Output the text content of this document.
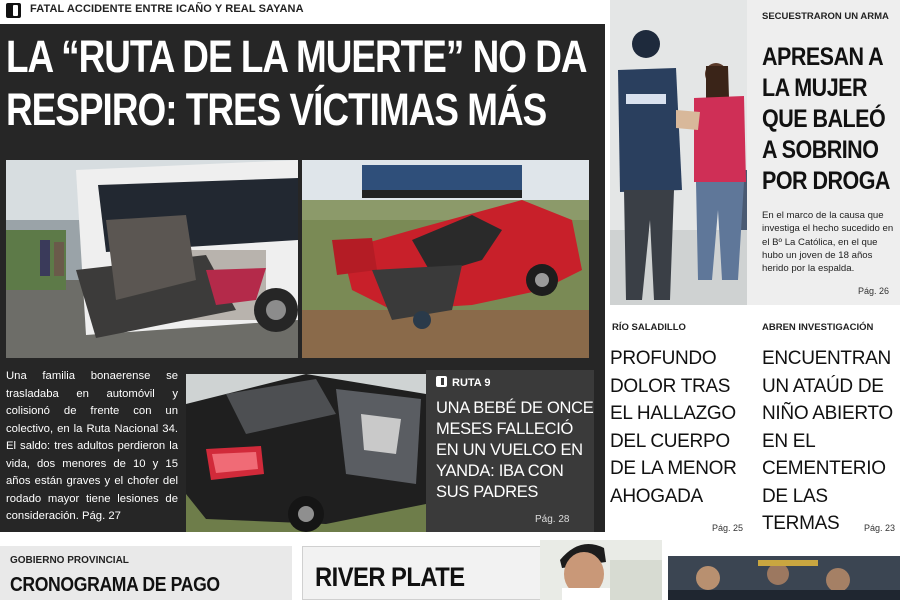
FATAL ACCIDENTE ENTRE ICAÑO Y REAL SAYANA
LA “RUTA DE LA MUERTE” NO DA RESPIRO: TRES VÍCTIMAS MÁS

Una familia bonaerense se trasladaba en automóvil y colisionó de frente con un colectivo, en la Ruta Nacional 34. El saldo: tres adultos perdieron la vida, dos menores de 10 y 15 años están graves y el chofer del rodado mayor tiene lesiones de consideración. Pág. 27

RUTA 9
UNA BEBÉ DE ONCE MESES FALLECIÓ EN UN VUELCO EN YANDA: IBA CON SUS PADRES
Pág. 28
SECUESTRARON UN ARMA
APRESAN A LA MUJER QUE BALEÓ A SOBRINO POR DROGA

En el marco de la causa que investiga el hecho sucedido en el Bº La Católica, en el que hubo un joven de 18 años herido por la espalda.

Pág. 26
RÍO SALADILLO
PROFUNDO DOLOR TRAS EL HALLAZGO DEL CUERPO DE LA MENOR AHOGADA
Pág. 25
ABREN INVESTIGACIÓN
ENCUENTRAN UN ATAÚD DE NIÑO ABIERTO EN EL CEMENTERIO DE LAS TERMAS	Pág. 23
GOBIERNO PROVINCIAL
CRONOGRAMA DE PAGO	RIVER PLATE
